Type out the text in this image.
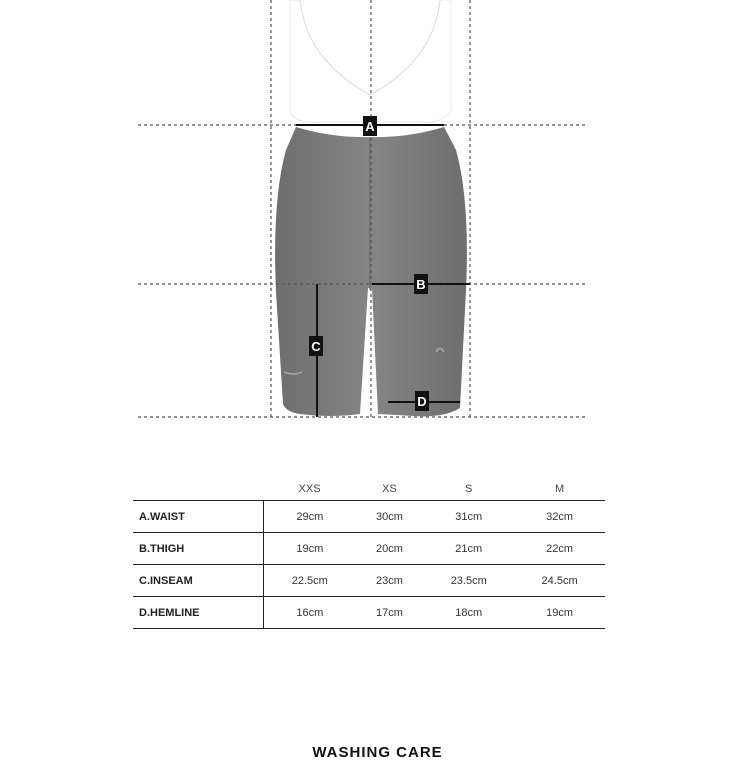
A
B
C
D
	XXS	XS	S	M
A.WAIST	29cm	30cm	31cm	32cm
B.THIGH	19cm	20cm	21cm	22cm
C.INSEAM	22.5cm	23cm	23.5cm	24.5cm
D.HEMLINE	16cm	17cm	18cm	19cm
WASHING CARE
